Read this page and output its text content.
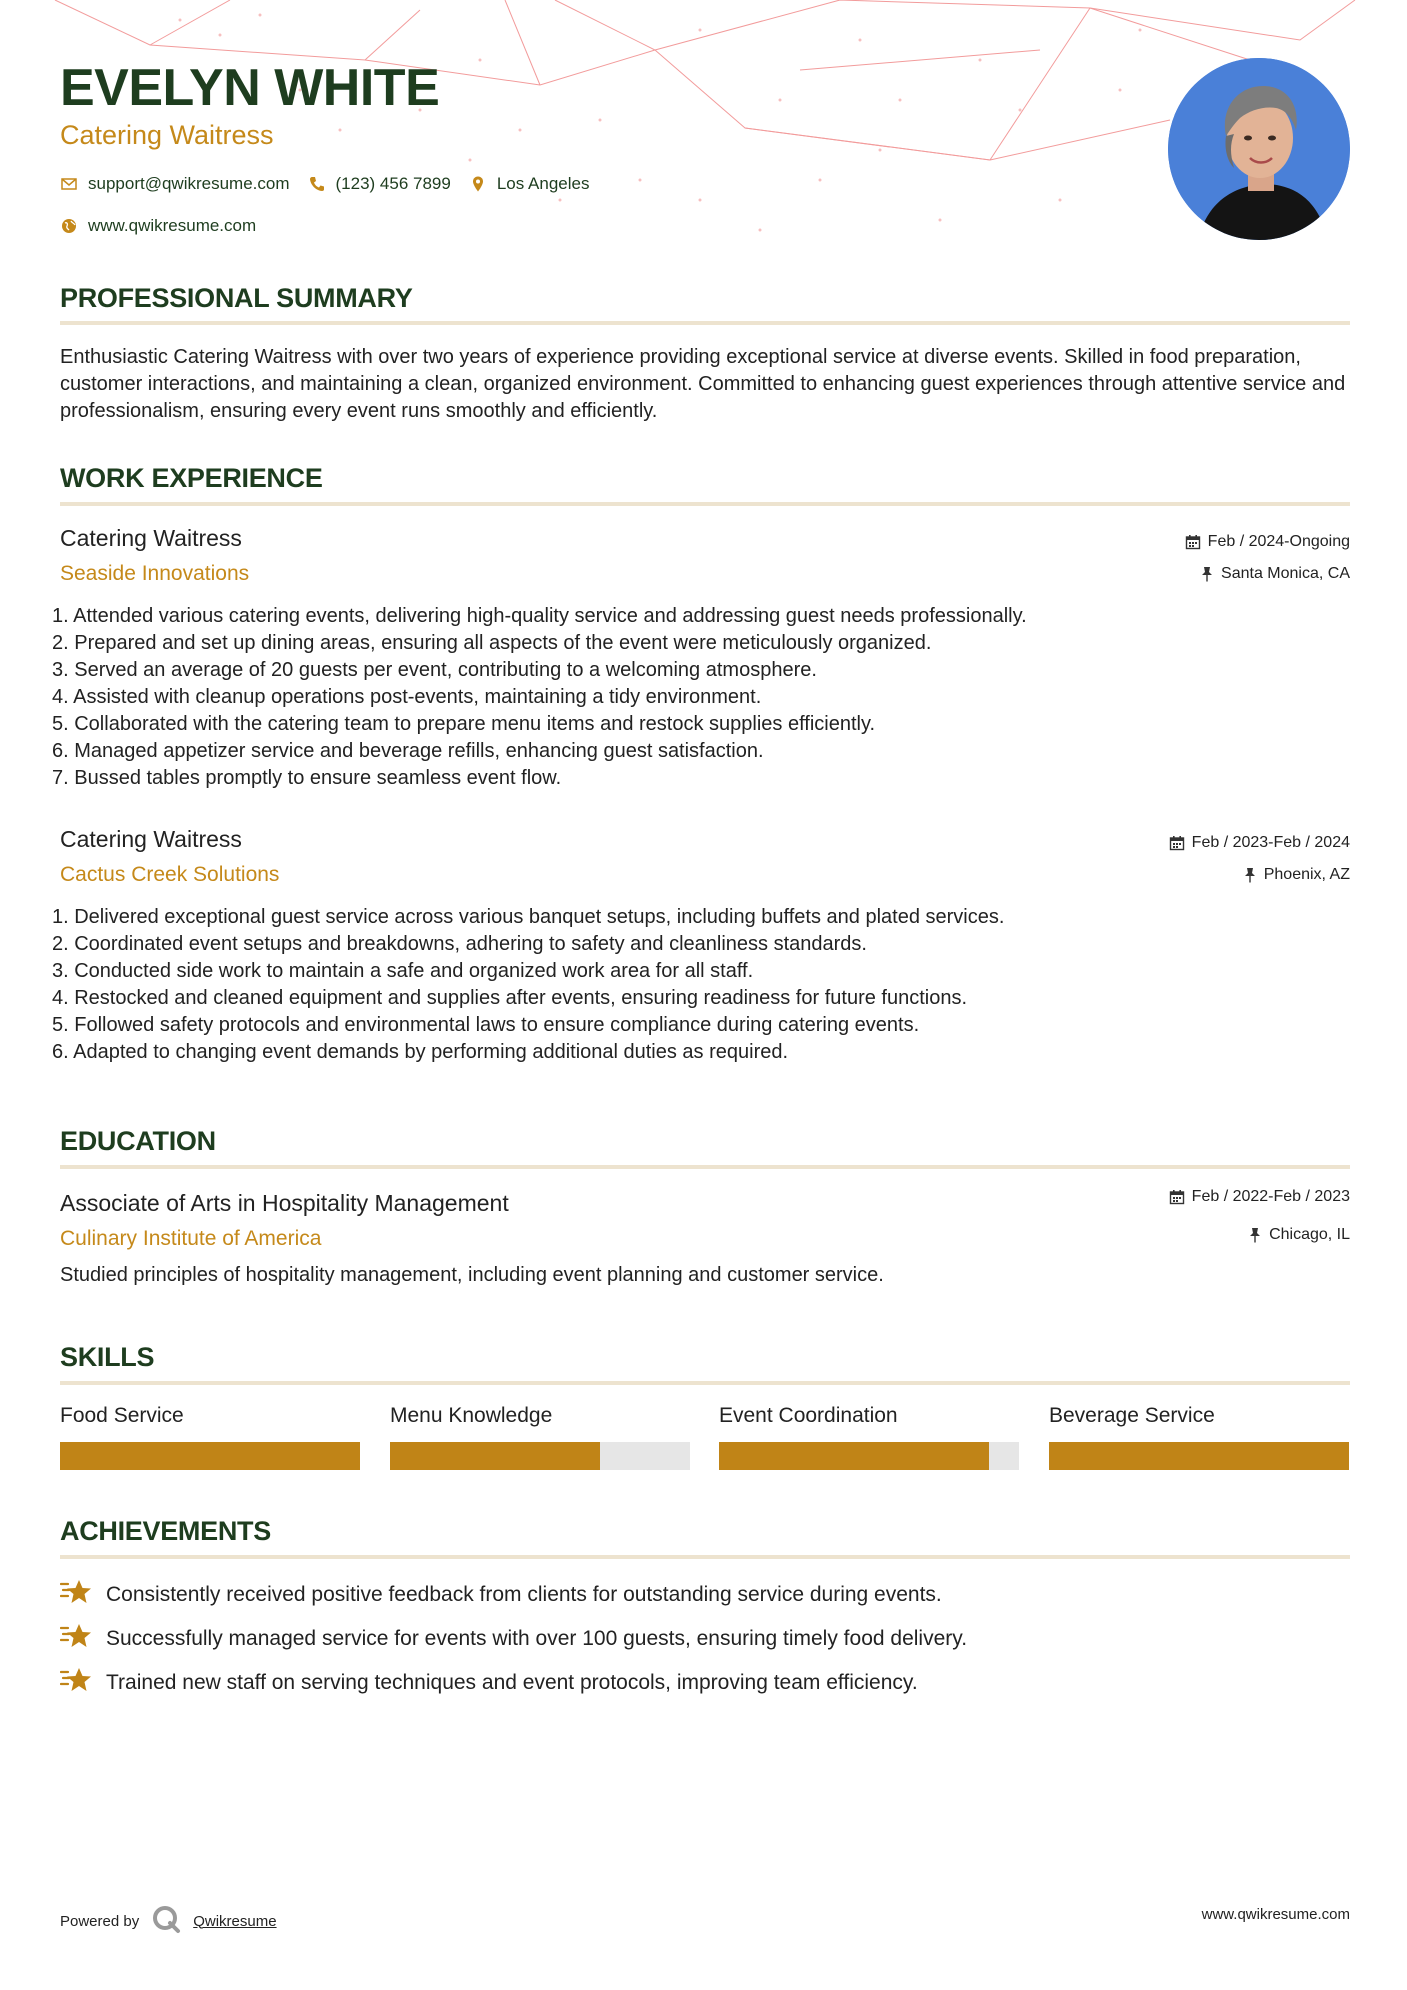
EVELYN WHITE
Catering Waitress
support@qwikresume.com	(123) 456 7899	Los Angeles
www.qwikresume.com
PROFESSIONAL SUMMARY
Enthusiastic Catering Waitress with over two years of experience providing exceptional service at diverse events. Skilled in food preparation, customer interactions, and maintaining a clean, organized environment. Committed to enhancing guest experiences through attentive service and professionalism, ensuring every event runs smoothly and efficiently.
WORK EXPERIENCE
Catering Waitress
Seaside Innovations
Feb / 2024-Ongoing
Santa Monica, CA
1. Attended various catering events, delivering high-quality service and addressing guest needs professionally.
2. Prepared and set up dining areas, ensuring all aspects of the event were meticulously organized.
3. Served an average of 20 guests per event, contributing to a welcoming atmosphere.
4. Assisted with cleanup operations post-events, maintaining a tidy environment.
5. Collaborated with the catering team to prepare menu items and restock supplies efficiently.
6. Managed appetizer service and beverage refills, enhancing guest satisfaction.
7. Bussed tables promptly to ensure seamless event flow.
Catering Waitress
Cactus Creek Solutions
Feb / 2023-Feb / 2024
Phoenix, AZ
1. Delivered exceptional guest service across various banquet setups, including buffets and plated services.
2. Coordinated event setups and breakdowns, adhering to safety and cleanliness standards.
3. Conducted side work to maintain a safe and organized work area for all staff.
4. Restocked and cleaned equipment and supplies after events, ensuring readiness for future functions.
5. Followed safety protocols and environmental laws to ensure compliance during catering events.
6. Adapted to changing event demands by performing additional duties as required.
EDUCATION
Associate of Arts in Hospitality Management
Culinary Institute of America
Feb / 2022-Feb / 2023
Chicago, IL
Studied principles of hospitality management, including event planning and customer service.
SKILLS
Food Service	Menu Knowledge	Event Coordination	Beverage Service
ACHIEVEMENTS
Consistently received positive feedback from clients for outstanding service during events.
Successfully managed service for events with over 100 guests, ensuring timely food delivery.
Trained new staff on serving techniques and event protocols, improving team efficiency.
Powered by	Qwikresume	www.qwikresume.com
